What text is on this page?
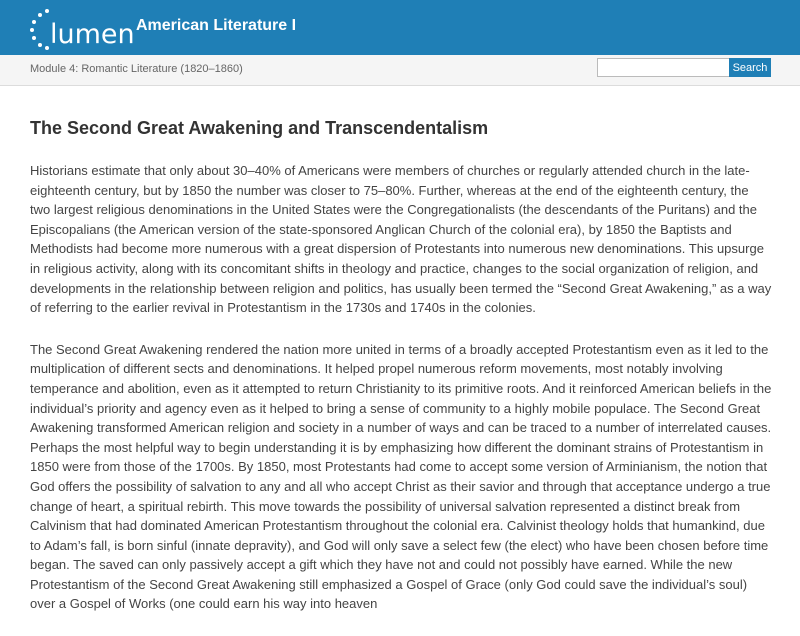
lumen American Literature I
Module 4: Romantic Literature (1820–1860)	Search
The Second Great Awakening and Transcendentalism

Historians estimate that only about 30–40% of Americans were members of churches or regularly attended church in the late-eighteenth century, but by 1850 the number was closer to 75–80%. Further, whereas at the end of the eighteenth century, the two largest religious denominations in the United States were the Congregationalists (the descendants of the Puritans) and the Episcopalians (the American version of the state-sponsored Anglican Church of the colonial era), by 1850 the Baptists and Methodists had become more numerous with a great dispersion of Protestants into numerous new denominations. This upsurge in religious activity, along with its concomitant shifts in theology and practice, changes to the social organization of religion, and developments in the relationship between religion and politics, has usually been termed the “Second Great Awakening,” as a way of referring to the earlier revival in Protestantism in the 1730s and 1740s in the colonies.

The Second Great Awakening rendered the nation more united in terms of a broadly accepted Protestantism even as it led to the multiplication of different sects and denominations. It helped propel numerous reform movements, most notably involving temperance and abolition, even as it attempted to return Christianity to its primitive roots. And it reinforced American beliefs in the individual’s priority and agency even as it helped to bring a sense of community to a highly mobile populace. The Second Great Awakening transformed American religion and society in a number of ways and can be traced to a number of interrelated causes. Perhaps the most helpful way to begin understanding it is by emphasizing how different the dominant strains of Protestantism in 1850 were from those of the 1700s. By 1850, most Protestants had come to accept some version of Arminianism, the notion that God offers the possibility of salvation to any and all who accept Christ as their savior and through that acceptance undergo a true change of heart, a spiritual rebirth. This move towards the possibility of universal salvation represented a distinct break from Calvinism that had dominated American Protestantism throughout the colonial era. Calvinist theology holds that humankind, due to Adam’s fall, is born sinful (innate depravity), and God will only save a select few (the elect) who have been chosen before time began. The saved can only passively accept a gift which they have not and could not possibly have earned. While the new Protestantism of the Second Great Awakening still emphasized a Gospel of Grace (only God could save the individual’s soul) over a Gospel of Works (one could earn his way into heaven
